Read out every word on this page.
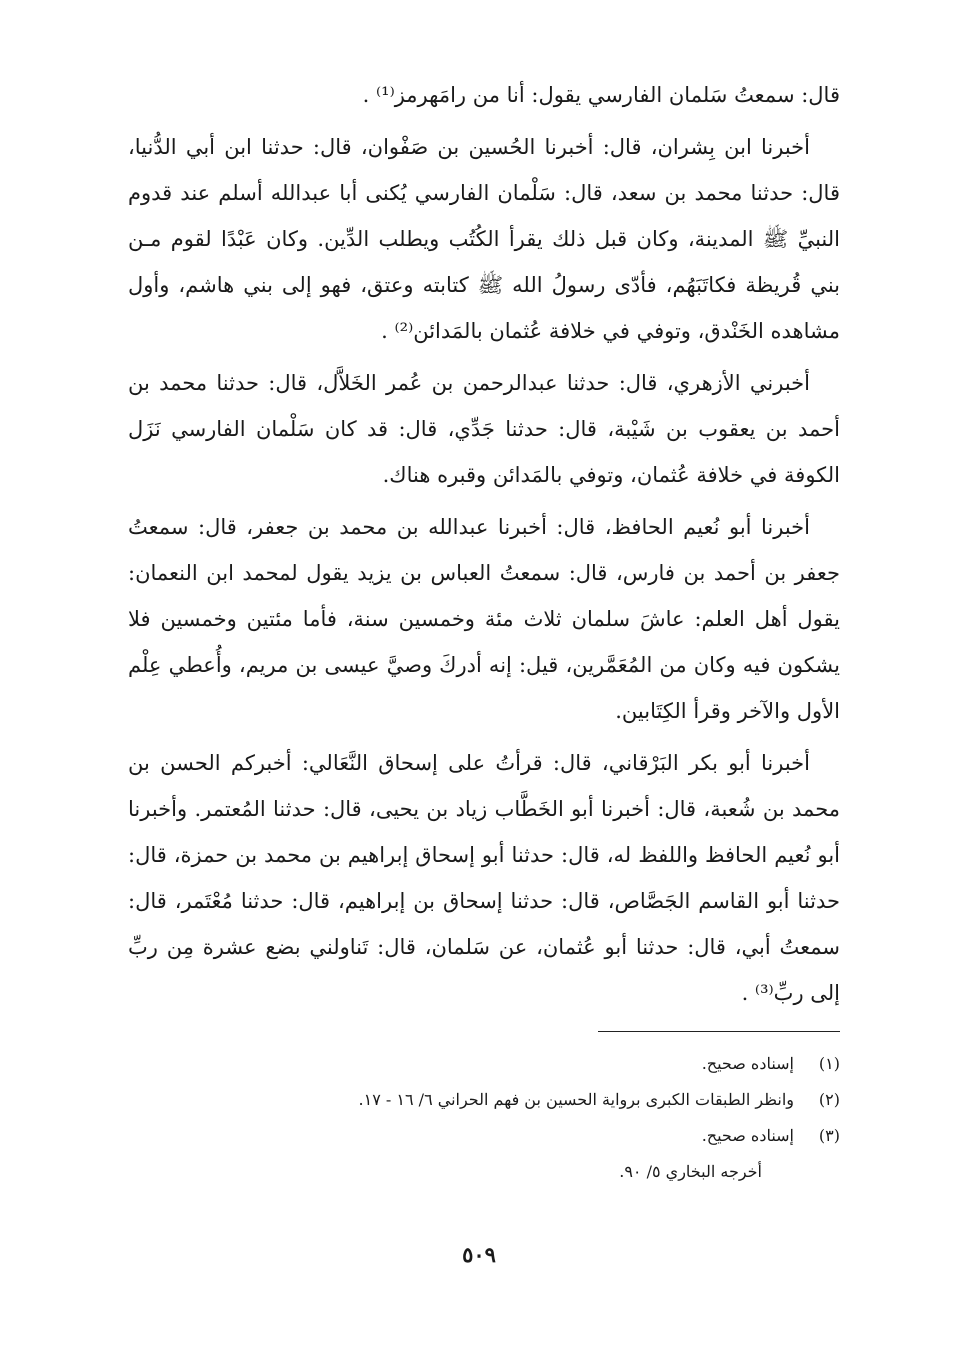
قال: سمعتُ سَلمان الفارسي يقول: أنا من رامَهرمز⁽¹⁾ .

أخبرنا ابن بِشران، قال: أخبرنا الحُسين بن صَفْوان، قال: حدثنا ابن أبي الدُّنيا، قال: حدثنا محمد بن سعد، قال: سَلْمان الفارسي يُكنى أبا عبدالله أسلم عند قدوم النبيِّ ﷺ المدينة، وكان قبل ذلك يقرأ الكُتُب ويطلب الدِّين. وكان عَبْدًا لقوم مـن بني قُريظة فكاتَبَهُم، فأدّى رسولُ الله ﷺ كتابته وعتق، فهو إلى بني هاشم، وأول مشاهده الخَنْدق، وتوفي في خلافة عُثمان بالمَدائن⁽²⁾ .

أخبرني الأزهري، قال: حدثنا عبدالرحمن بن عُمر الخَلاَّل، قال: حدثنا محمد بن أحمد بن يعقوب بن شَيْبة، قال: حدثنا جَدِّي، قال: قد كان سَلْمان الفارسي نَزَل الكوفة في خلافة عُثمان، وتوفي بالمَدائن وقبره هناك.

أخبرنا أبو نُعيم الحافظ، قال: أخبرنا عبدالله بن محمد بن جعفر، قال: سمعتُ جعفر بن أحمد بن فارس، قال: سمعتُ العباس بن يزيد يقول لمحمد ابن النعمان: يقول أهل العلم: عاشَ سلمان ثلاث مئة وخمسين سنة، فأما مئتين وخمسين فلا يشكون فيه وكان من المُعَمَّرين، قيل: إنه أدركَ وصيَّ عيسى بن مريم، وأُعطي عِلْم الأول والآخر وقرأ الكِتَابين.

أخبرنا أبو بكر البَرْقاني، قال: قرأتُ على إسحاق النَّعَالي: أخبركم الحسن بن محمد بن شُعبة، قال: أخبرنا أبو الخَطَّاب زياد بن يحيى، قال: حدثنا المُعتمر. وأخبرنا أبو نُعيم الحافظ واللفظ له، قال: حدثنا أبو إسحاق إبراهيم بن محمد بن حمزة، قال: حدثنا أبو القاسم الجَصَّاص، قال: حدثنا إسحاق بن إبراهيم، قال: حدثنا مُعْتَمر، قال: سمعتُ أبي، قال: حدثنا أبو عُثمان، عن سَلمان، قال: تَناولني بضع عشرة مِن ربِّ إلى ربِّ⁽³⁾ .

(١)إسناده صحيح.
(٢)وانظر الطبقات الكبرى برواية الحسين بن فهم الحراني ٦/ ١٦ - ١٧.
(٣)إسناده صحيح.
أخرجه البخاري ٥/ ٩٠.
٥٠٩
